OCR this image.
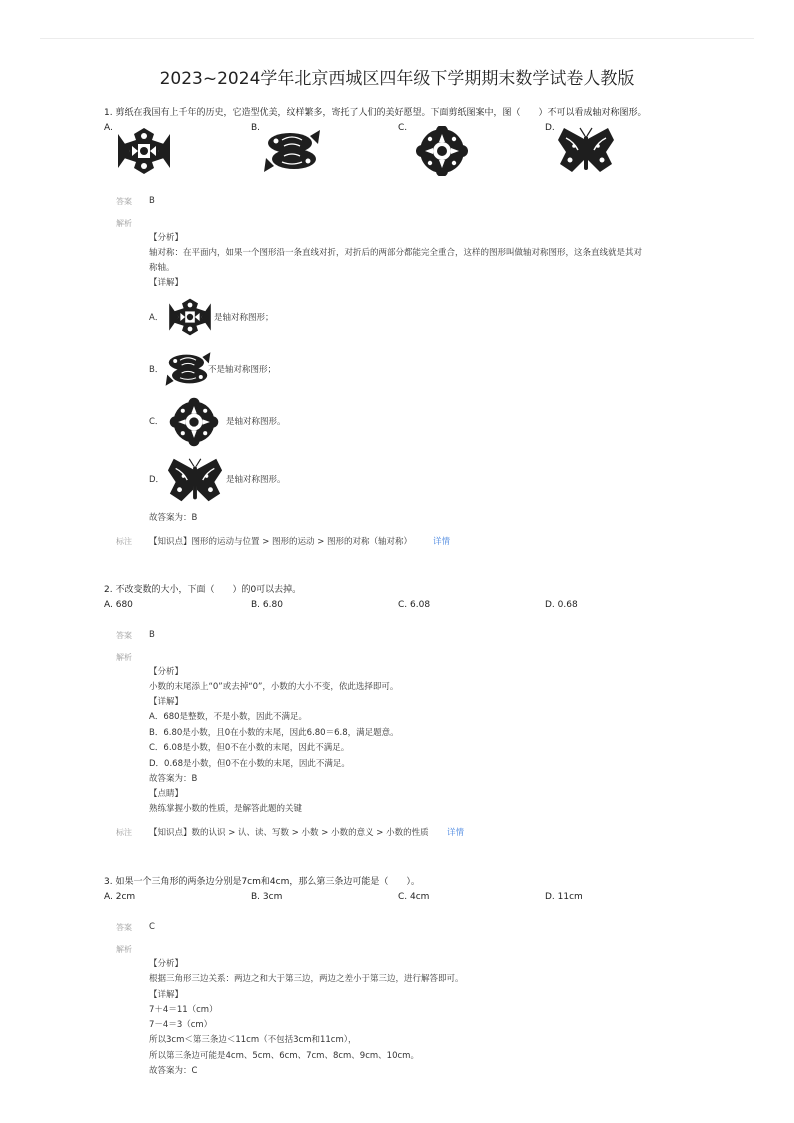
2023~2024学年北京西城区四年级下学期期末数学试卷人教版
1. 剪纸在我国有上千年的历史，它造型优美，纹样繁多，寄托了人们的美好愿望。下面剪纸图案中，图（　　）不可以看成轴对称图形。
A.	B.	C.	D.
答案 B
解析
【分析】
轴对称：在平面内，如果一个图形沿一条直线对折，对折后的两部分都能完全重合，这样的图形叫做轴对称图形，这条直线就是其对
称轴。
【详解】
A．	是轴对称图形；
B．	不是轴对称图形；
C．	是轴对称图形。
D．	是轴对称图形。
故答案为：B
标注 【知识点】图形的运动与位置 > 图形的运动 > 图形的对称（轴对称） 详情
2. 不改变数的大小，下面（　　）的0可以去掉。
A. 680	B. 6.80	C. 6.08	D. 0.68
答案 B
解析
【分析】
小数的末尾添上“0”或去掉“0”，小数的大小不变，依此选择即可。
【详解】
A．680是整数，不是小数，因此不满足。
B．6.80是小数，且0在小数的末尾，因此6.80＝6.8，满足题意。
C．6.08是小数，但0不在小数的末尾，因此不满足。
D．0.68是小数，但0不在小数的末尾，因此不满足。
故答案为：B
【点睛】
熟练掌握小数的性质，是解答此题的关键
标注 【知识点】数的认识 > 认、读、写数 > 小数 > 小数的意义 > 小数的性质 详情
3. 如果一个三角形的两条边分别是7cm和4cm，那么第三条边可能是（　　）。
A. 2cm	B. 3cm	C. 4cm	D. 11cm
答案 C
解析
【分析】
根据三角形三边关系：两边之和大于第三边，两边之差小于第三边，进行解答即可。
【详解】
7＋4＝11（cm）
7－4＝3（cm）
所以3cm＜第三条边＜11cm（不包括3cm和11cm），
所以第三条边可能是4cm、5cm、6cm、7cm、8cm、9cm、10cm。
故答案为：C
